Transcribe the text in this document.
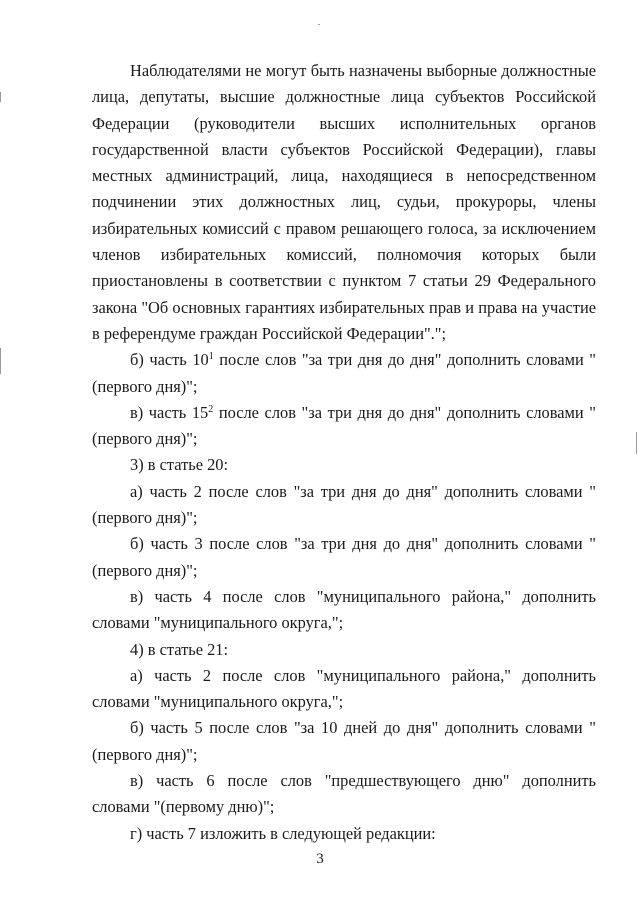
Наблюдателями не могут быть назначены выборные должностные лица, депутаты, высшие должностные лица субъектов Российской Федерации (руководители высших исполнительных органов государственной власти субъектов Российской Федерации), главы местных администраций, лица, находящиеся в непосредственном подчинении этих должностных лиц, судьи, прокуроры, члены избирательных комиссий с правом решающего голоса, за исключением членов избирательных комиссий, полномочия которых были приостановлены в соответствии с пунктом 7 статьи 29 Федерального закона "Об основных гарантиях избирательных прав и права на участие в референдуме граждан Российской Федерации".";

б) часть $10^1$ после слов "за три дня до дня" дополнить словами "(первого дня)";

в) часть $15^2$ после слов "за три дня до дня" дополнить словами "(первого дня)";

3) в статье 20:

а) часть 2 после слов "за три дня до дня" дополнить словами "(первого дня)";

б) часть 3 после слов "за три дня до дня" дополнить словами "(первого дня)";

в) часть 4 после слов "муниципального района," дополнить словами "муниципального округа,";

4) в статье 21:

а) часть 2 после слов "муниципального района," дополнить словами "муниципального округа,";

б) часть 5 после слов "за 10 дней до дня" дополнить словами "(первого дня)";

в) часть 6 после слов "предшествующего дню" дополнить словами "(первому дню)";

г) часть 7 изложить в следующей редакции:

3
